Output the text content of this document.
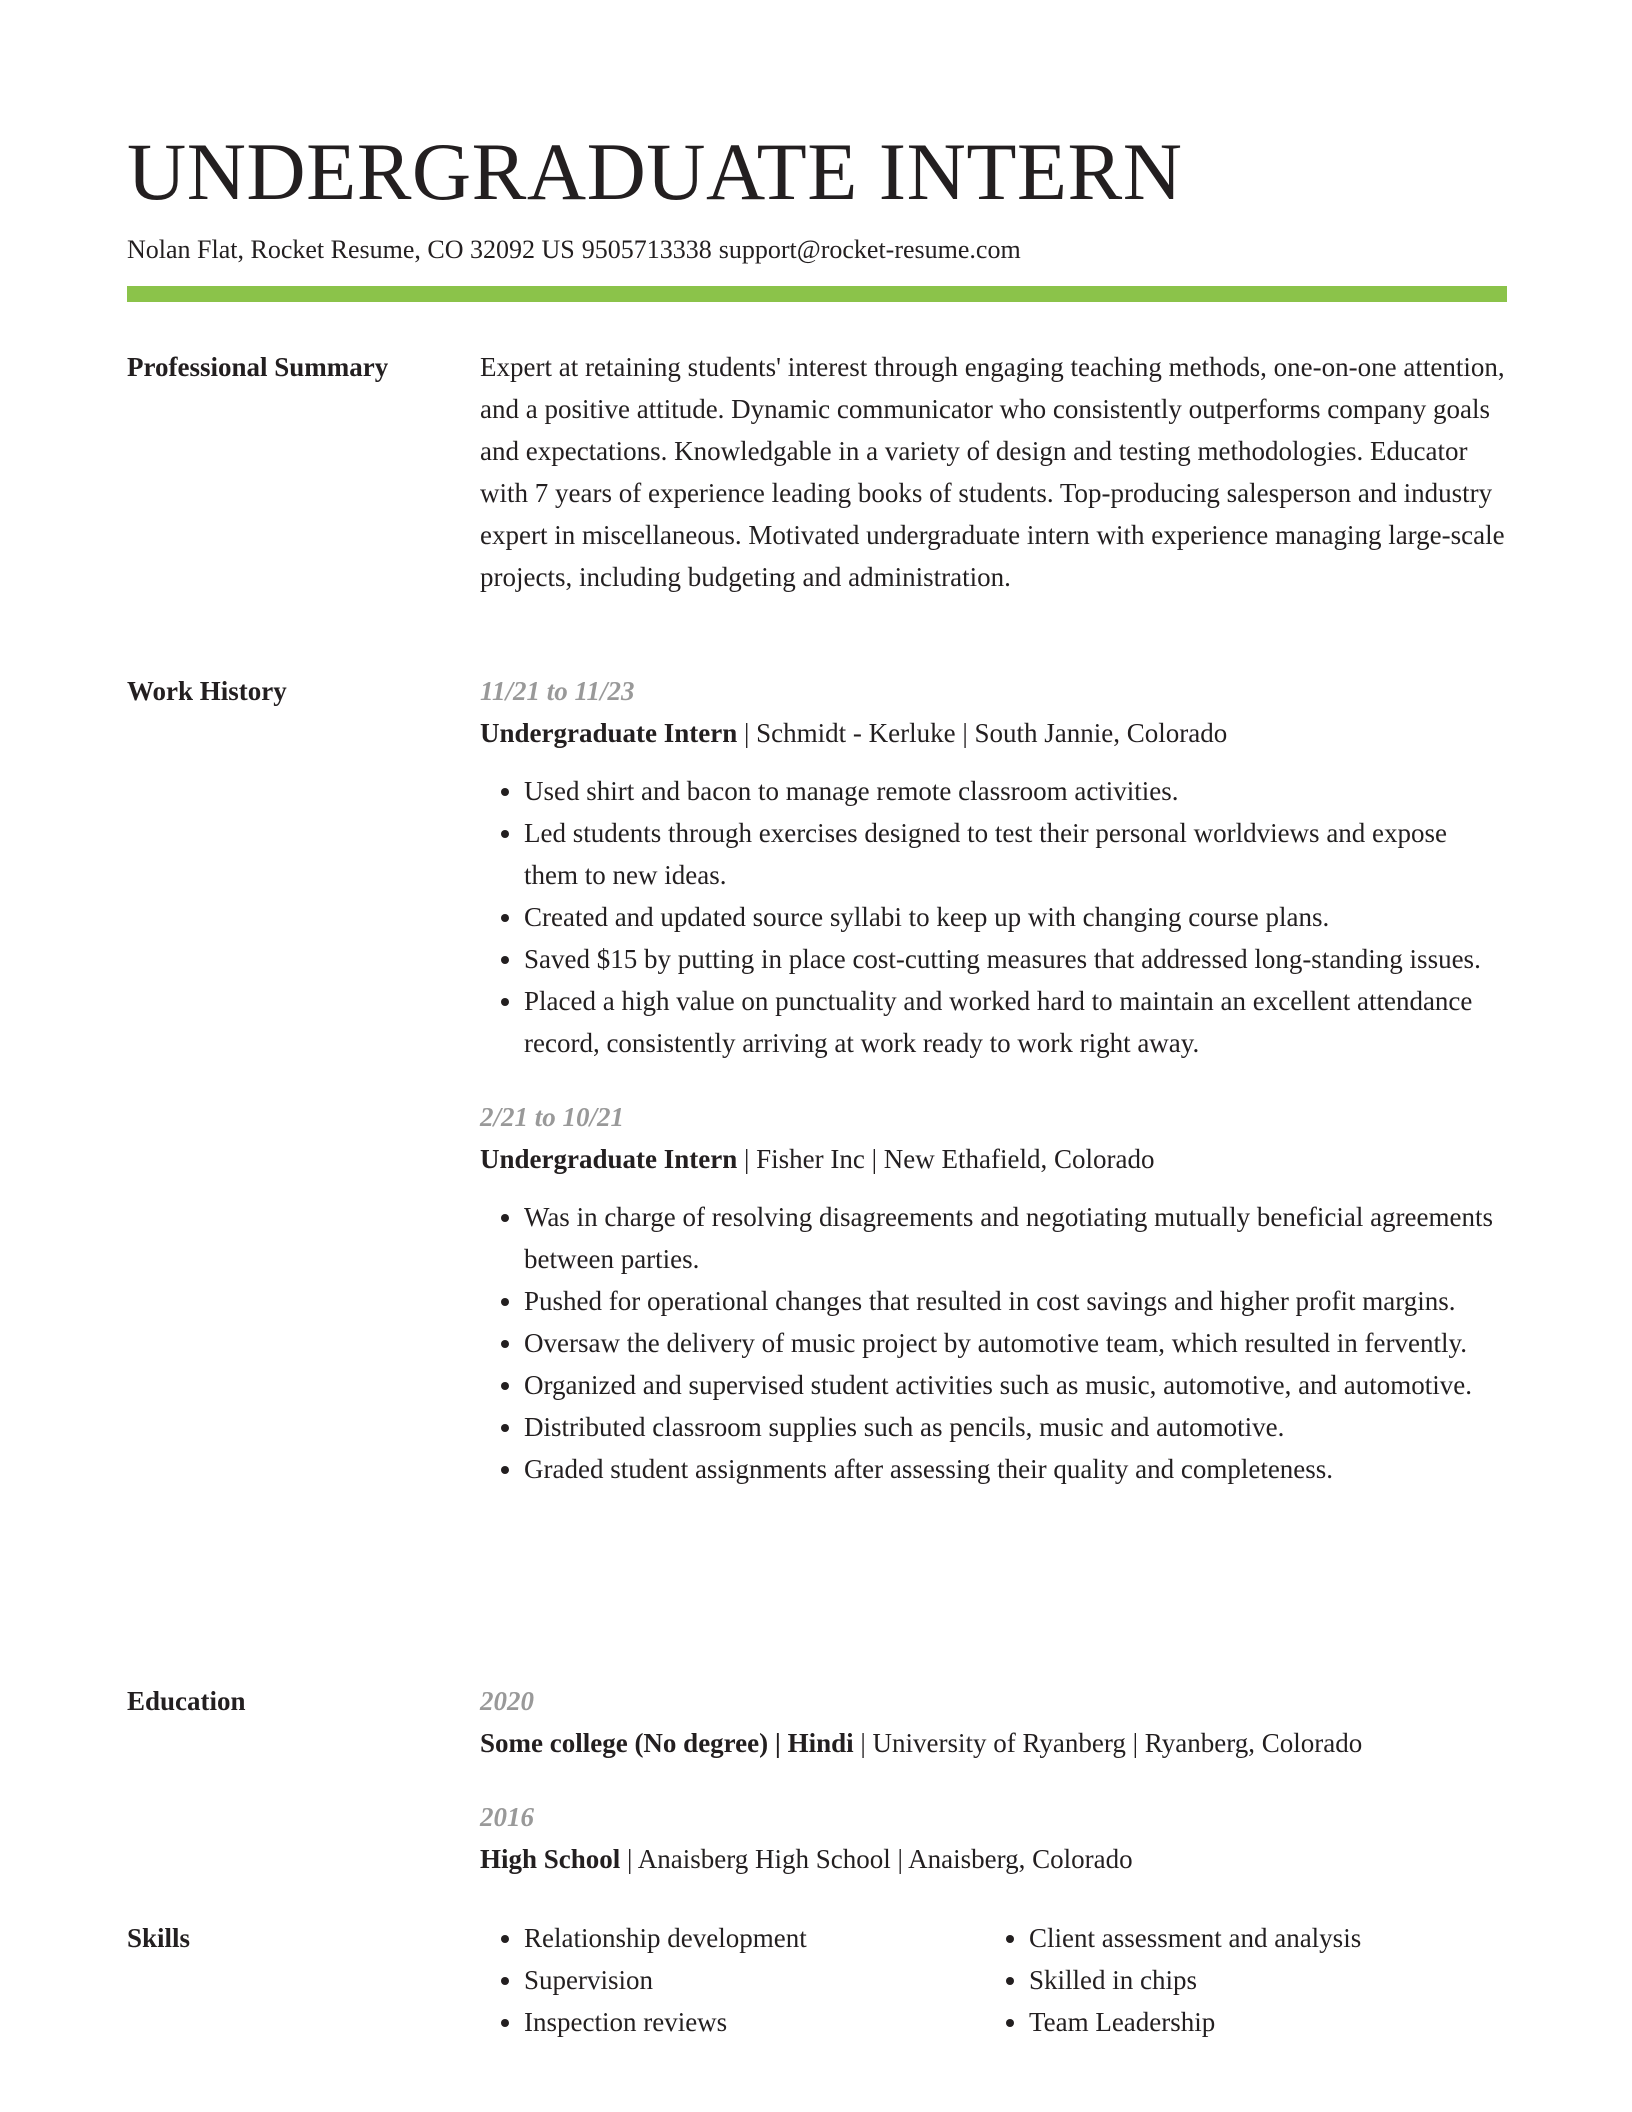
UNDERGRADUATE INTERN
Nolan Flat, Rocket Resume, CO 32092 US 9505713338 support@rocket-resume.com
Professional Summary	Expert at retaining students' interest through engaging teaching methods, one-on-one attention, and a positive attitude. Dynamic communicator who consistently outperforms company goals and expectations. Knowledgable in a variety of design and testing methodologies. Educator with 7 years of experience leading books of students. Top-producing salesperson and industry expert in miscellaneous. Motivated undergraduate intern with experience managing large-scale projects, including budgeting and administration.

Work History	11/21 to 11/23
Undergraduate Intern | Schmidt - Kerluke | South Jannie, Colorado
• Used shirt and bacon to manage remote classroom activities.
• Led students through exercises designed to test their personal worldviews and expose them to new ideas.
• Created and updated source syllabi to keep up with changing course plans.
• Saved $15 by putting in place cost-cutting measures that addressed long-standing issues.
• Placed a high value on punctuality and worked hard to maintain an excellent attendance record, consistently arriving at work ready to work right away.
2/21 to 10/21
Undergraduate Intern | Fisher Inc | New Ethafield, Colorado
• Was in charge of resolving disagreements and negotiating mutually beneficial agreements between parties.
• Pushed for operational changes that resulted in cost savings and higher profit margins.
• Oversaw the delivery of music project by automotive team, which resulted in fervently.
• Organized and supervised student activities such as music, automotive, and automotive.
• Distributed classroom supplies such as pencils, music and automotive.
• Graded student assignments after assessing their quality and completeness.
Education	2020
Some college (No degree) | Hindi | University of Ryanberg | Ryanberg, Colorado
2016
High School | Anaisberg High School | Anaisberg, Colorado
Skills
•	Relationship development
• Supervision
• Inspection reviews
• Client assessment and analysis
• Skilled in chips
• Team Leadership
